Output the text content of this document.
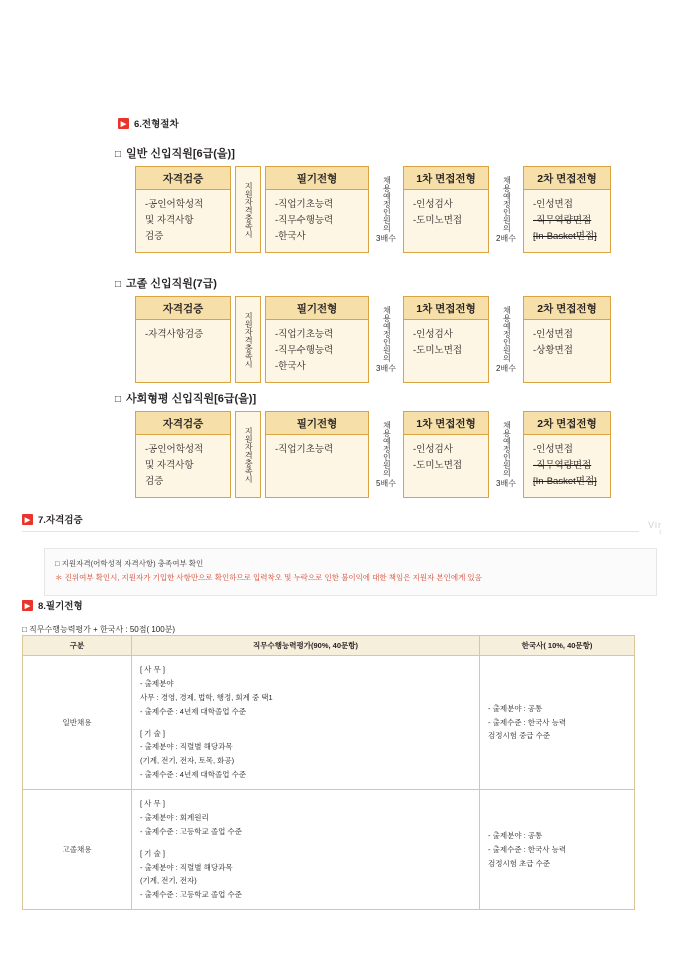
▶
6.전형절차
□ 일반 신입직원[6급(을)]
자격검증
-공인어학성적
및 자격사항
검증
지원
자격
충족
시
필기전형
-직업기초능력
-직무수행능력
-한국사
채용
예정
인원
의
3배수
1차 면접전형
-인성검사
-도미노면접
채용
예정
인원
의
2배수
2차 면접전형
-인성면접
-직무역량면접
[In-Basket면접]
□ 고졸 신입직원(7급)
자격검증
-자격사항검증
지원
자격
충족
시
필기전형
-직업기초능력
-직무수행능력
-한국사
채용
예정
인원
의
3배수
1차 면접전형
-인성검사
-도미노면접
채용
예정
인원
의
2배수
2차 면접전형
-인성면접
-상황면접
□ 사회형평 신입직원[6급(을)]
자격검증
-공인어학성적
및 자격사항
검증
지원
자격
충족
시
필기전형
-직업기초능력
채용
예정
인원
의
5배수
1차 면접전형
-인성검사
-도미노면접
채용
예정
인원
의
3배수
2차 면접전형
-인성면접
-직무역량면접
[In-Basket면접]
▶
7.자격검증
□ 지원자격(어학성적 자격사항) 충족여부 확인
＊ 진위여부 확인시, 지원자가 기입한 사항만으로 확인하므로 입력착오 및 누락으로 인한 불이익에 대한 책임은 지원자 본인에게 있음
▶
8.필기전형
□ 직무수행능력평가 + 한국사 : 50점( 100분)
구분	직무수행능력평가(90%, 40문항)	한국사( 10%, 40문항)
일반채용	
[ 사 무 ]
- 출제분야
사무 : 경영, 경제, 법학, 행정, 회계 중 택1
- 출제수준 : 4년제 대학졸업 수준
[ 기 술 ]
- 출제분야 : 직렬별 해당과목
(기계, 전기, 전자, 토목, 화공)
- 출제수준 : 4년제 대학졸업 수준

- 출제분야 : 공통
- 출제수준 : 한국사 능력
검정시험 중급 수준

고졸채용	
[ 사 무 ]
- 출제분야 : 회계원리
- 출제수준 : 고등학교 졸업 수준
[ 기 술 ]
- 출제분야 : 직렬별 해당과목
(기계, 전기, 전자)
- 출제수준 : 고등학교 졸업 수준

- 출제분야 : 공통
- 출제수준 : 한국사 능력
검정시험 초급 수준
Vir
t
